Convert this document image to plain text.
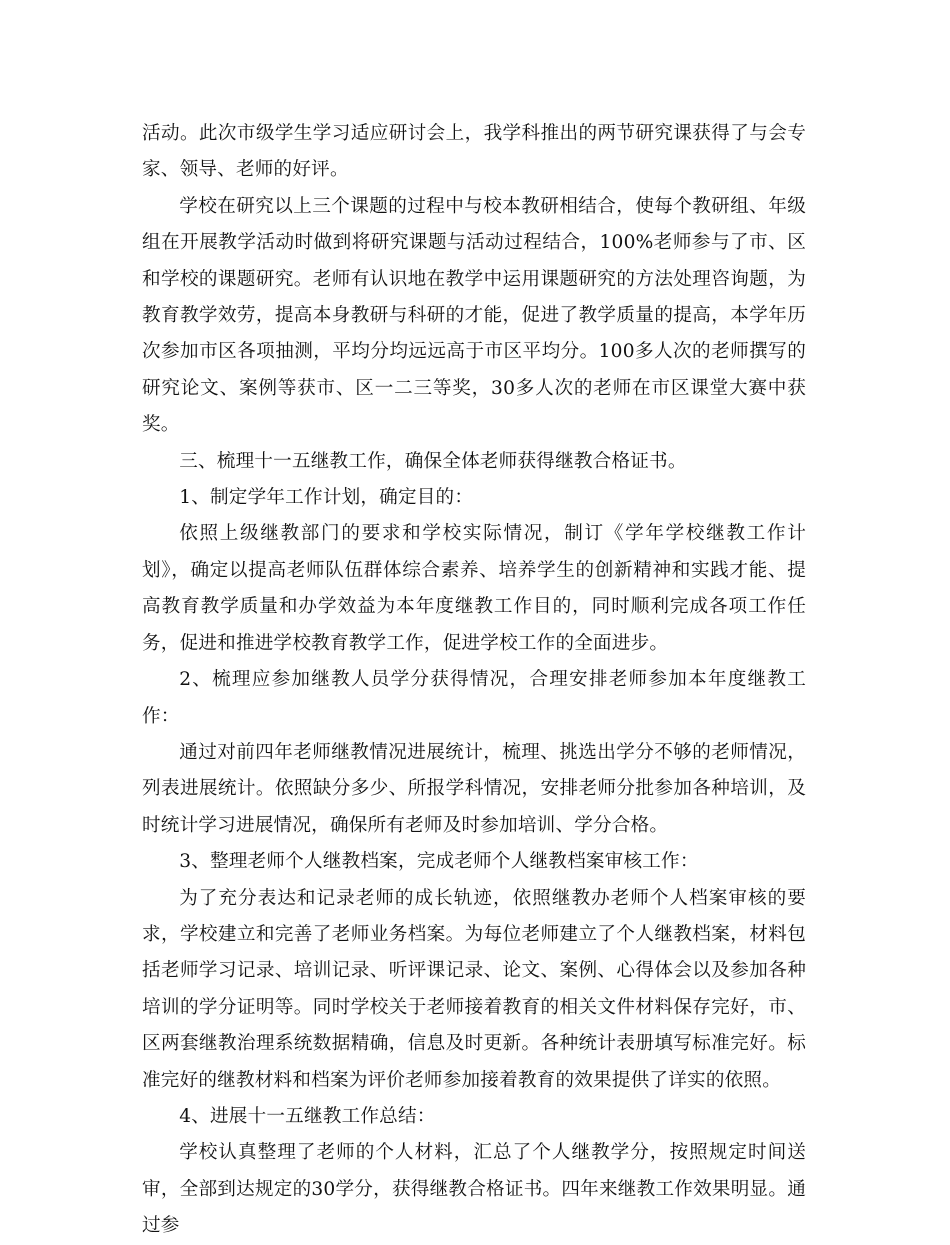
活动。此次市级学生学习适应研讨会上，我学科推出的两节研究课获得了与会专家、领导、老师的好评。

学校在研究以上三个课题的过程中与校本教研相结合，使每个教研组、年级组在开展教学活动时做到将研究课题与活动过程结合，100%老师参与了市、区和学校的课题研究。老师有认识地在教学中运用课题研究的方法处理咨询题，为教育教学效劳，提高本身教研与科研的才能，促进了教学质量的提高，本学年历次参加市区各项抽测，平均分均远远高于市区平均分。100多人次的老师撰写的研究论文、案例等获市、区一二三等奖，30多人次的老师在市区课堂大赛中获奖。

三、梳理十一五继教工作，确保全体老师获得继教合格证书。

1、制定学年工作计划，确定目的：

依照上级继教部门的要求和学校实际情况，制订《学年学校继教工作计划》，确定以提高老师队伍群体综合素养、培养学生的创新精神和实践才能、提高教育教学质量和办学效益为本年度继教工作目的，同时顺利完成各项工作任务，促进和推进学校教育教学工作，促进学校工作的全面进步。

2、梳理应参加继教人员学分获得情况，合理安排老师参加本年度继教工作：

通过对前四年老师继教情况进展统计，梳理、挑选出学分不够的老师情况，列表进展统计。依照缺分多少、所报学科情况，安排老师分批参加各种培训，及时统计学习进展情况，确保所有老师及时参加培训、学分合格。

3、整理老师个人继教档案，完成老师个人继教档案审核工作：

为了充分表达和记录老师的成长轨迹，依照继教办老师个人档案审核的要求，学校建立和完善了老师业务档案。为每位老师建立了个人继教档案，材料包括老师学习记录、培训记录、听评课记录、论文、案例、心得体会以及参加各种培训的学分证明等。同时学校关于老师接着教育的相关文件材料保存完好，市、区两套继教治理系统数据精确，信息及时更新。各种统计表册填写标准完好。标准完好的继教材料和档案为评价老师参加接着教育的效果提供了详实的依照。

4、进展十一五继教工作总结：

学校认真整理了老师的个人材料，汇总了个人继教学分，按照规定时间送审，全部到达规定的30学分，获得继教合格证书。四年来继教工作效果明显。通过参
